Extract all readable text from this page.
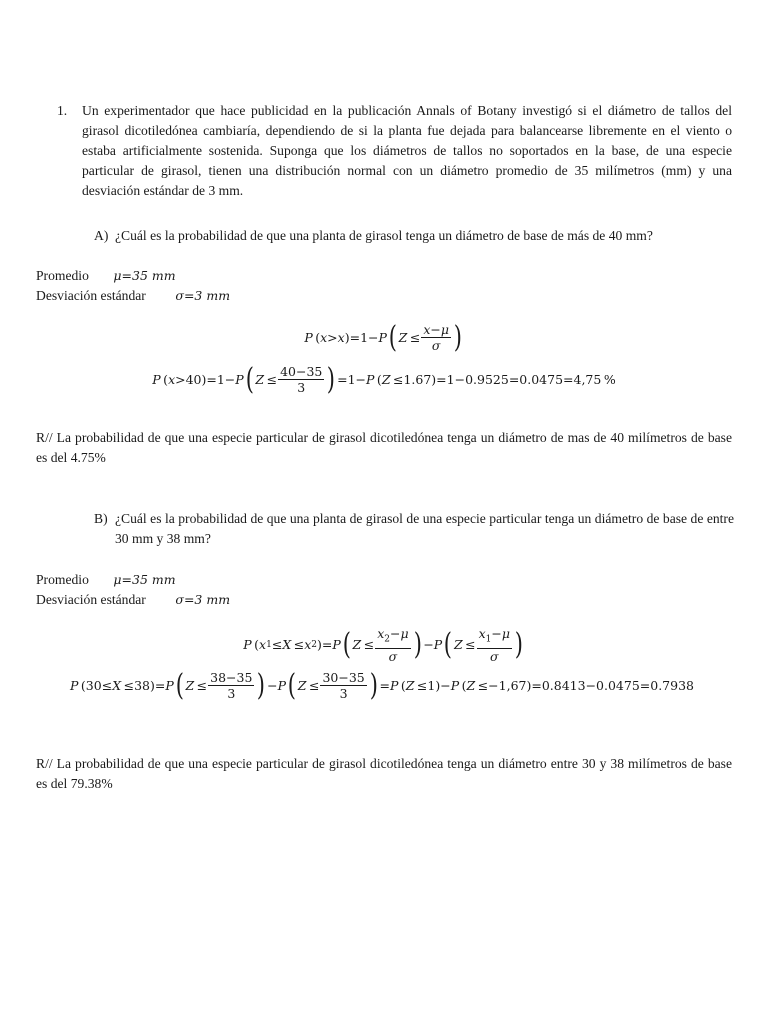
1. Un experimentador que hace publicidad en la publicación Annals of Botany investigó si el diámetro de tallos del girasol dicotiledónea cambiaría, dependiendo de si la planta fue dejada para balancearse libremente en el viento o estaba artificialmente sostenida. Suponga que los diámetros de tallos no soportados en la base, de una especie particular de girasol, tienen una distribución normal con un diámetro promedio de 35 milímetros (mm) y una desviación estándar de 3 mm.
A) ¿Cuál es la probabilidad de que una planta de girasol tenga un diámetro de base de más de 40 mm?
Promedio μ=35 mm
Desviación estándar σ=3 mm
P  ( x > x )=1− P ( $Z \le \frac{x-\mu}{\sigma}$ )
P  ( x >40)=1− P ( $Z \le \frac{40-35}{3}$ ) =1− P  ( Z  ≤1.67)=1−0.9525=0.0475=4,75 %
R// La probabilidad de que una especie particular de girasol dicotiledónea tenga un diámetro de mas de 40 milímetros de base es del 4.75%
B) ¿Cuál es la probabilidad de que una planta de girasol de una especie particular tenga un diámetro de base de entre 30 mm y 38 mm?
Promedio μ=35 mm
Desviación estándar σ=3 mm
P  ( x 1 ≤ X  ≤ x 2 )= P ( $Z \le \frac{x_2-\mu}{\sigma}$ ) − P ( $Z \le \frac{x_1-\mu}{\sigma}$ )
P  (30≤ X  ≤38)= P ( $Z \le \frac{38-35}{3}$ ) − P ( $Z \le \frac{30-35}{3}$ ) = P  ( Z  ≤1)− P  ( Z  ≤−1,67)=0.8413−0.0475=0.7938
R// La probabilidad de que una especie particular de girasol dicotiledónea tenga un diámetro entre 30 y 38 milímetros de base es del 79.38%
